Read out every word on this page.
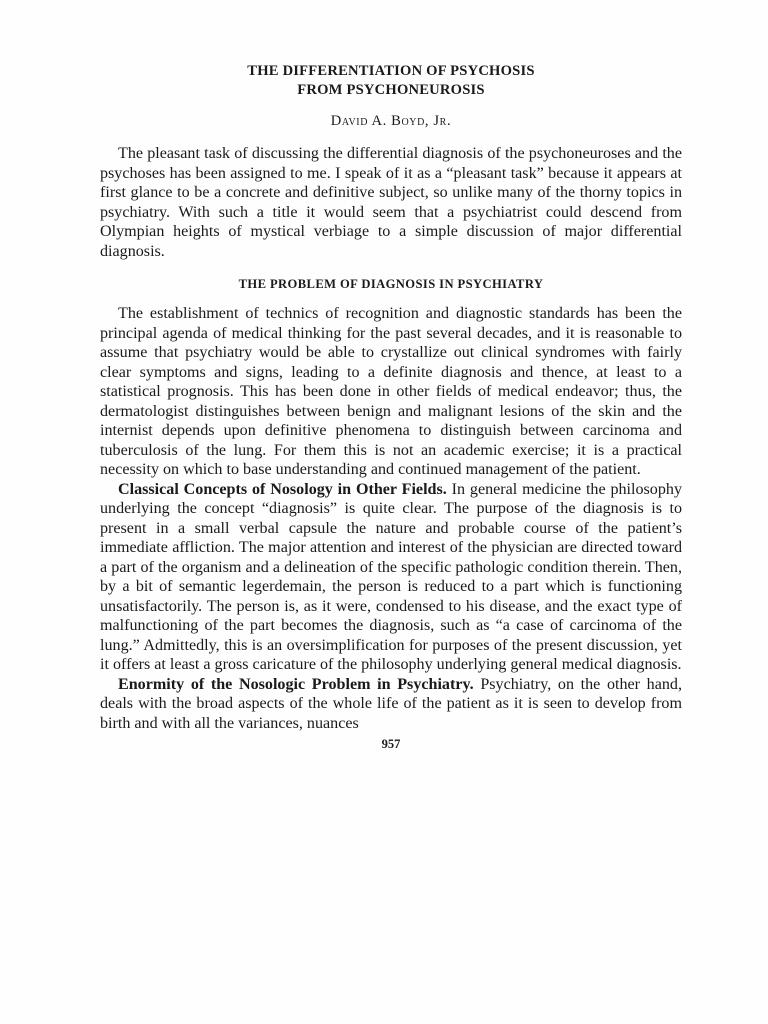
THE DIFFERENTIATION OF PSYCHOSIS
FROM PSYCHONEUROSIS
David A. Boyd, Jr.

The pleasant task of discussing the differential diagnosis of the psychoneuroses and the psychoses has been assigned to me. I speak of it as a “pleasant task” because it appears at first glance to be a concrete and definitive subject, so unlike many of the thorny topics in psychiatry. With such a title it would seem that a psychiatrist could descend from Olympian heights of mystical verbiage to a simple discussion of major differential diagnosis.

THE PROBLEM OF DIAGNOSIS IN PSYCHIATRY

The establishment of technics of recognition and diagnostic standards has been the principal agenda of medical thinking for the past several decades, and it is reasonable to assume that psychiatry would be able to crystallize out clinical syndromes with fairly clear symptoms and signs, leading to a definite diagnosis and thence, at least to a statistical prognosis. This has been done in other fields of medical endeavor; thus, the dermatologist distinguishes between benign and malignant lesions of the skin and the internist depends upon definitive phenomena to distinguish between carcinoma and tuberculosis of the lung. For them this is not an academic exercise; it is a practical necessity on which to base understanding and continued management of the patient.

Classical Concepts of Nosology in Other Fields. In general medicine the philosophy underlying the concept “diagnosis” is quite clear. The purpose of the diagnosis is to present in a small verbal capsule the nature and probable course of the patient’s immediate affliction. The major attention and interest of the physician are directed toward a part of the organism and a delineation of the specific pathologic condition therein. Then, by a bit of semantic legerdemain, the person is reduced to a part which is functioning unsatisfactorily. The person is, as it were, condensed to his disease, and the exact type of malfunctioning of the part becomes the diagnosis, such as “a case of carcinoma of the lung.” Admittedly, this is an oversimplification for purposes of the present discussion, yet it offers at least a gross caricature of the philosophy underlying general medical diagnosis.

Enormity of the Nosologic Problem in Psychiatry. Psychiatry, on the other hand, deals with the broad aspects of the whole life of the patient as it is seen to develop from birth and with all the variances, nuances

957
